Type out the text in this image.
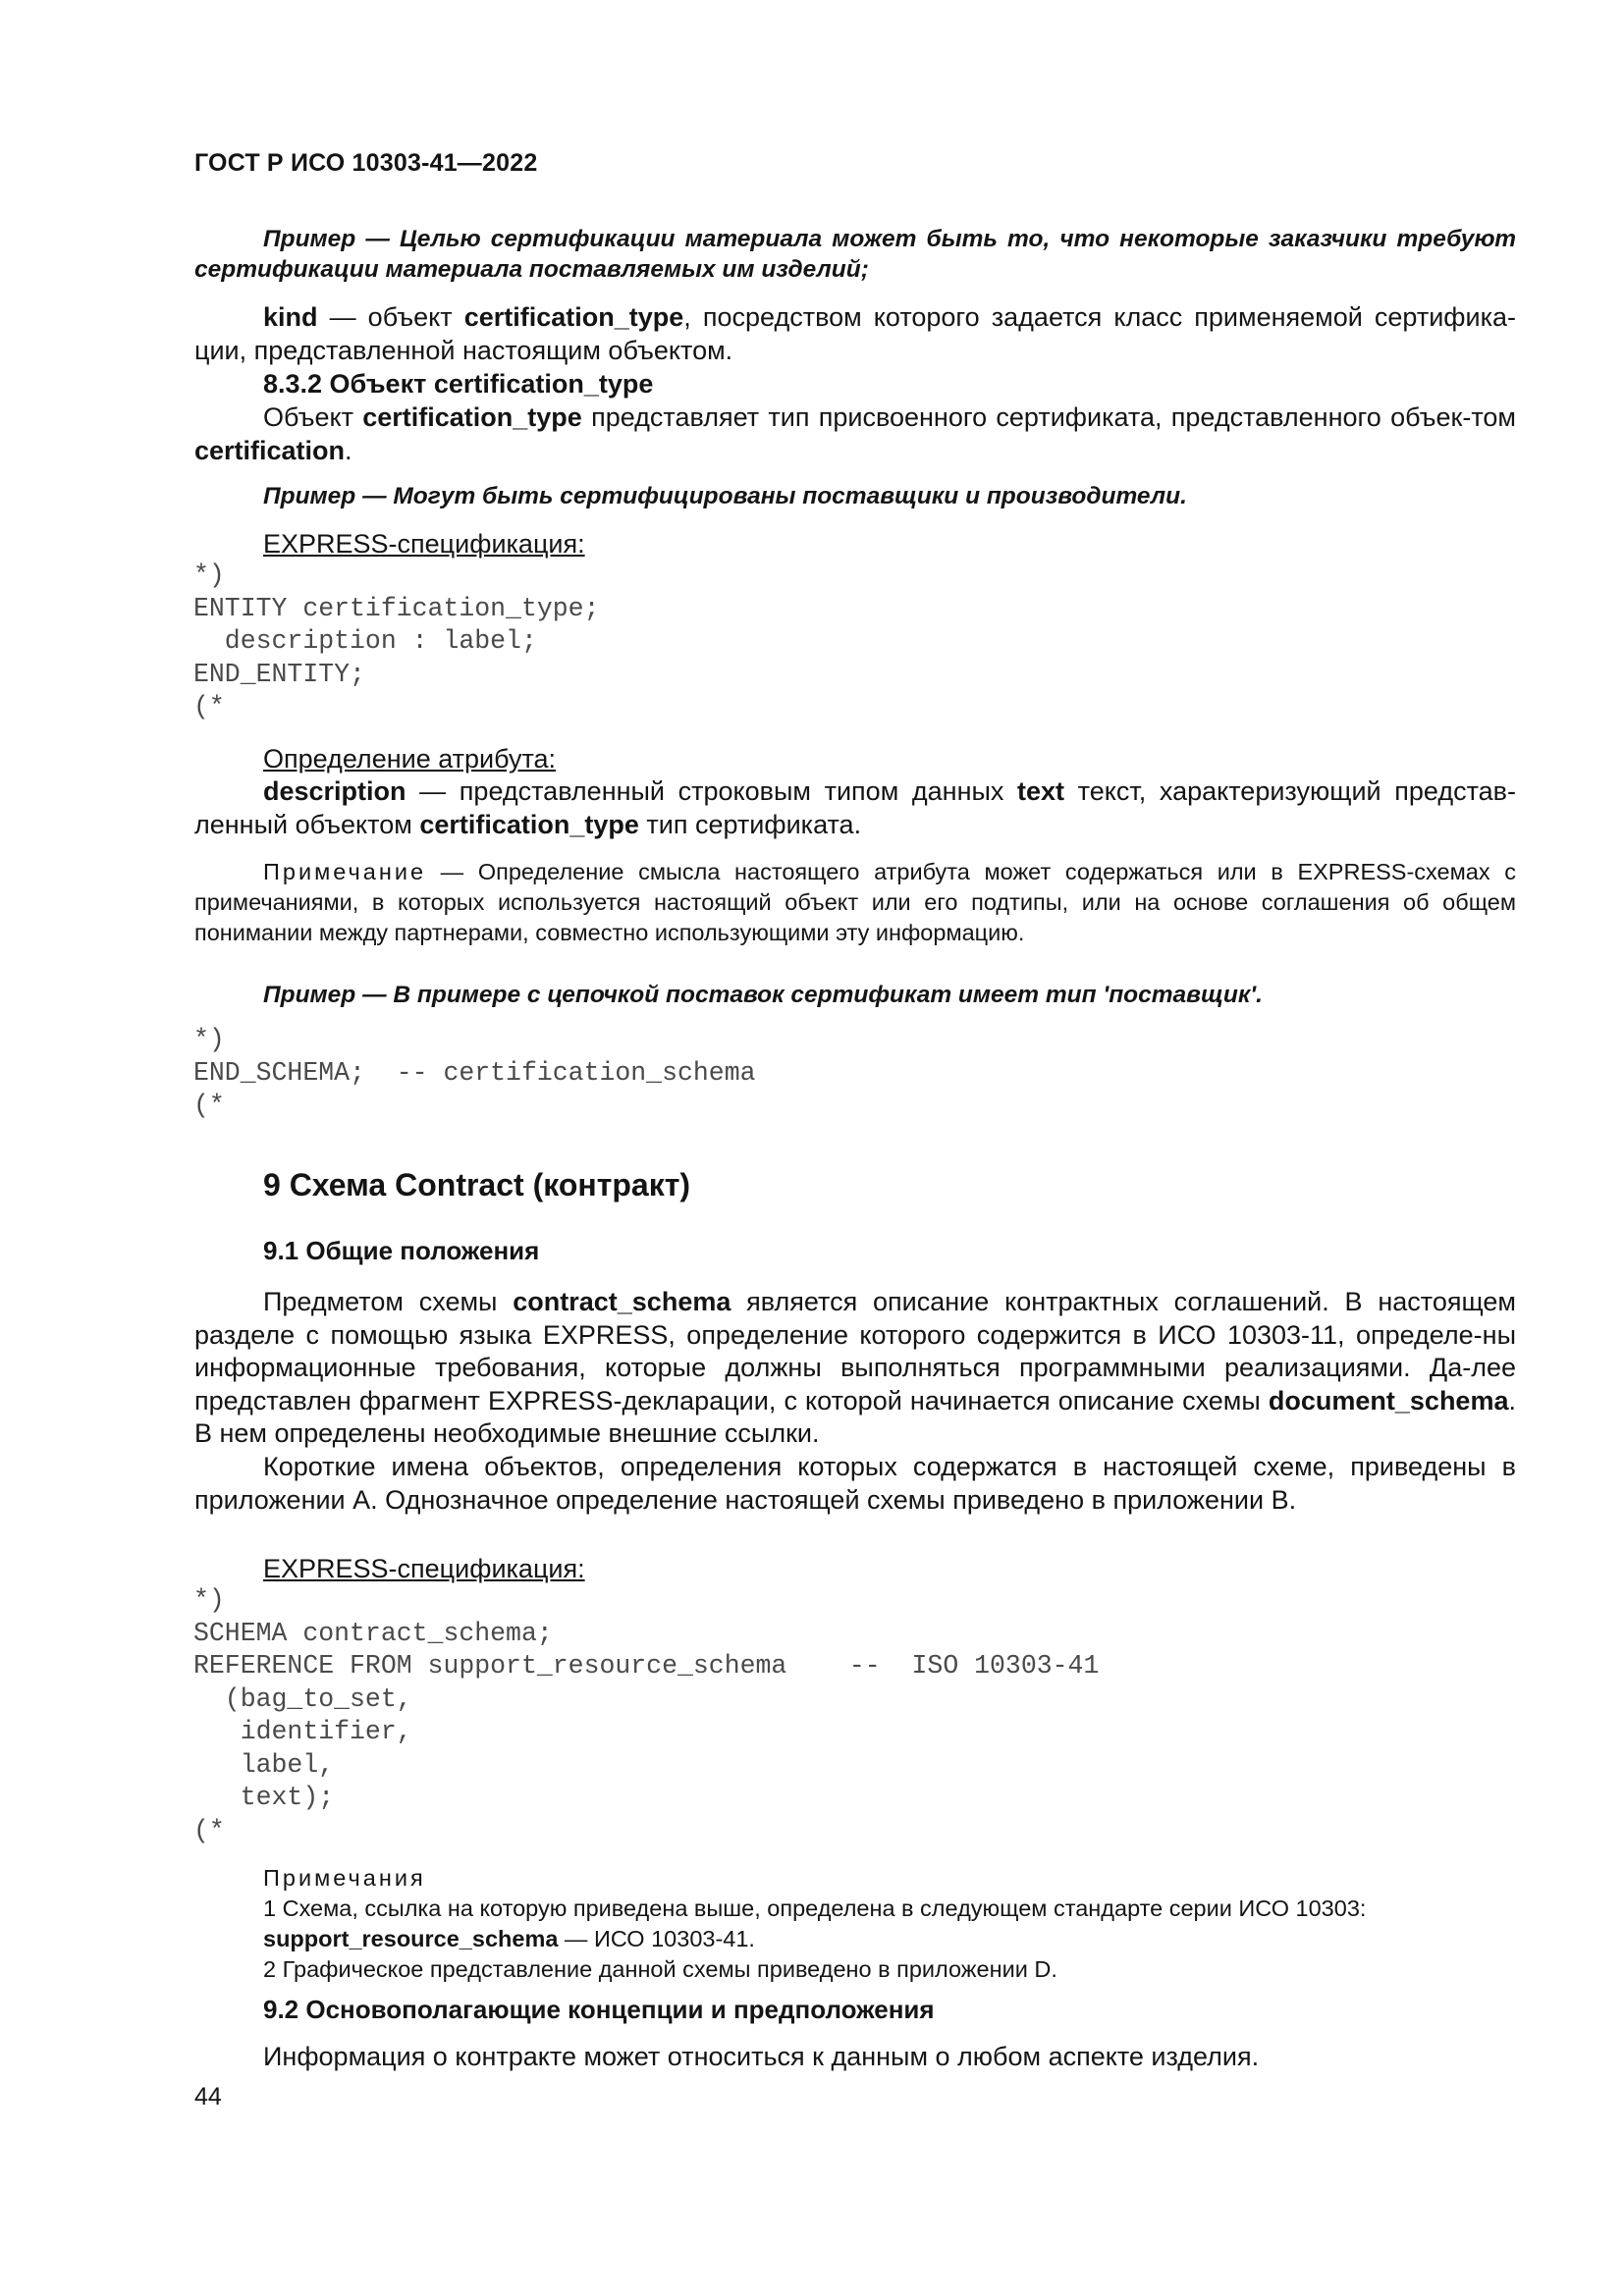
ГОСТ Р ИСО 10303-41—2022
Пример — Целью сертификации материала может быть то, что некоторые заказчики требуют сертификации материала поставляемых им изделий;
kind — объект certification_type, посредством которого задается класс применяемой сертифика-ции, представленной настоящим объектом.
8.3.2 Объект certification_type
Объект certification_type представляет тип присвоенного сертификата, представленного объек-том certification.
Пример — Могут быть сертифицированы поставщики и производители.
EXPRESS-спецификация:
*)
ENTITY certification_type;
description : label;
END_ENTITY;
(*
Определение атрибута:
description — представленный строковым типом данных text текст, характеризующий представ-ленный объектом certification_type тип сертификата.
Примечание — Определение смысла настоящего атрибута может содержаться или в EXPRESS-схемах с примечаниями, в которых используется настоящий объект или его подтипы, или на основе соглашения об общем понимании между партнерами, совместно использующими эту информацию.
Пример — В примере с цепочкой поставок сертификат имеет тип 'поставщик'.
*)
END_SCHEMA;  -- certification_schema
(*
9 Схема Contract (контракт)
9.1 Общие положения
Предметом схемы contract_schema является описание контрактных соглашений. В настоящем разделе с помощью языка EXPRESS, определение которого содержится в ИСО 10303-11, определе-ны информационные требования, которые должны выполняться программными реализациями. Да-лее представлен фрагмент EXPRESS-декларации, с которой начинается описание схемы document_schema. В нем определены необходимые внешние ссылки.
Короткие имена объектов, определения которых содержатся в настоящей схеме, приведены в приложении А. Однозначное определение настоящей схемы приведено в приложении В.
EXPRESS-спецификация:
*)
SCHEMA contract_schema;
REFERENCE FROM support_resource_schema    --  ISO 10303-41
(bag_to_set,
identifier,
label,
text);
(*
Примечания
1 Схема, ссылка на которую приведена выше, определена в следующем стандарте серии ИСО 10303:
support_resource_schema — ИСО 10303-41.
2 Графическое представление данной схемы приведено в приложении D.
9.2 Основополагающие концепции и предположения
Информация о контракте может относиться к данным о любом аспекте изделия.
44
